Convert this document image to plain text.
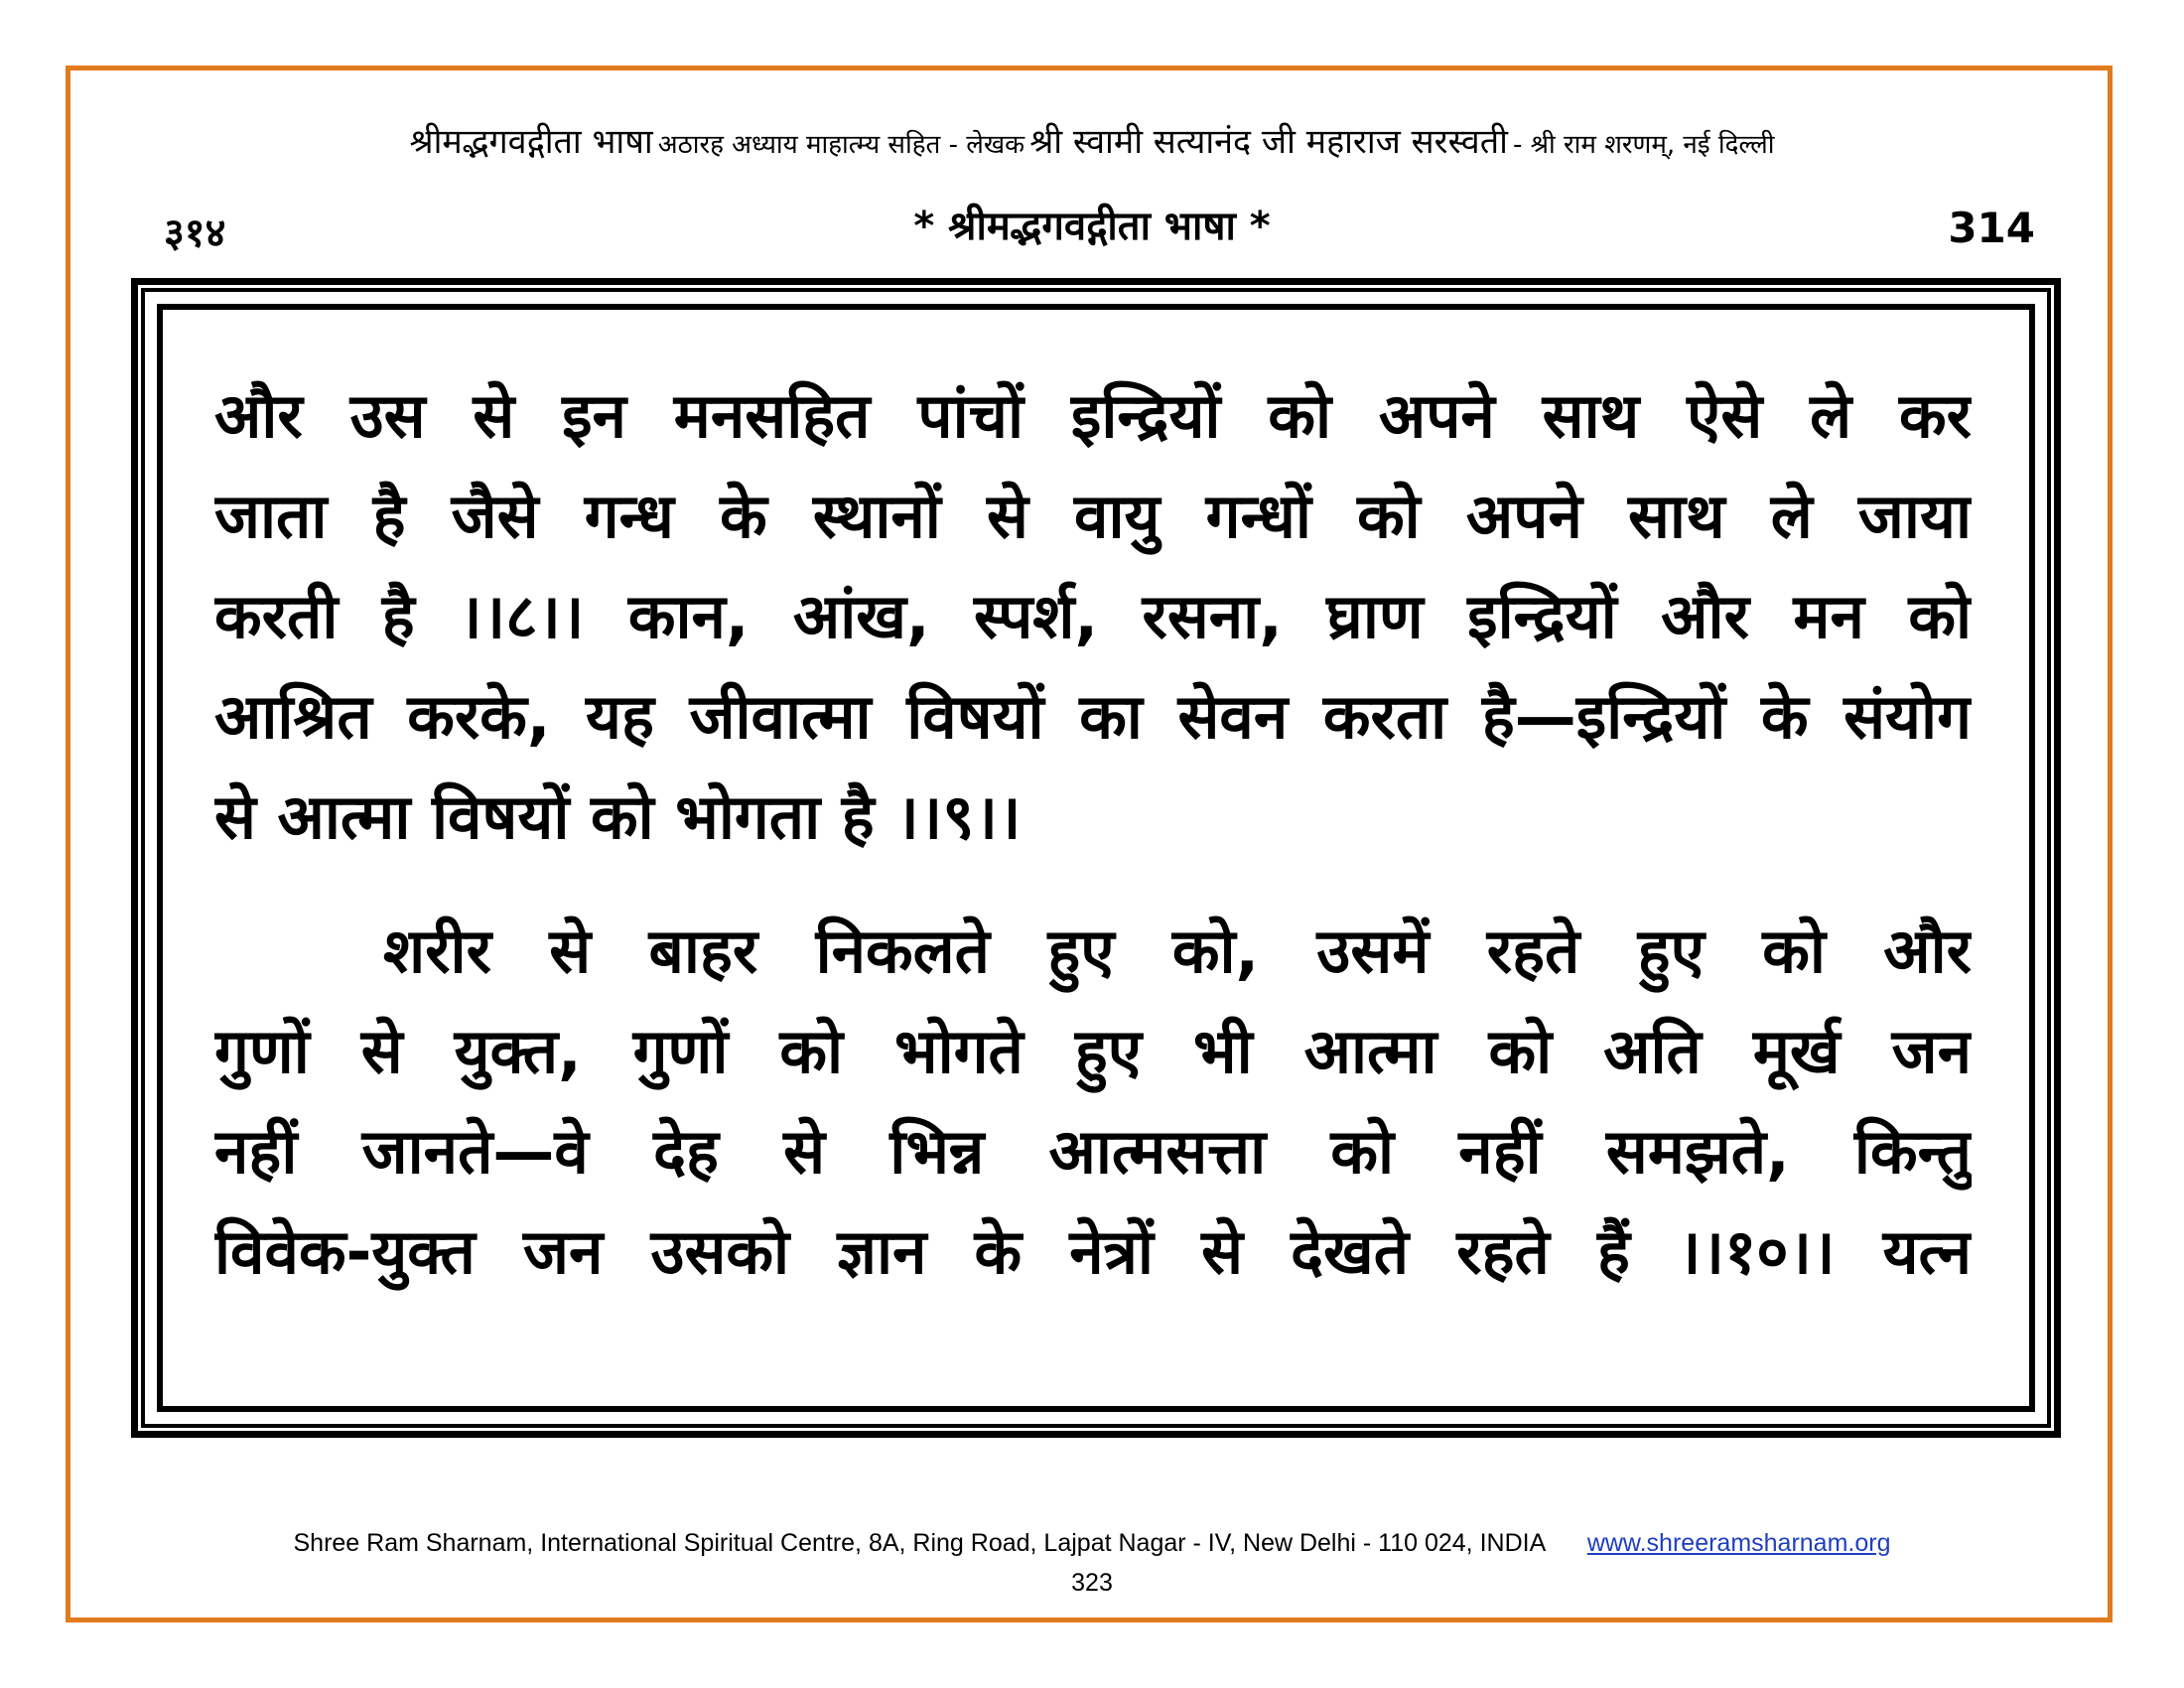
श्रीमद्भगवद्गीता भाषा अठारह अध्याय माहात्म्य सहित - लेखक श्री स्वामी सत्यानंद जी महाराज सरस्वती - श्री राम शरणम्, नई दिल्ली
३१४	* श्रीमद्भगवद्गीता भाषा *	314
और उस से इन मनसहित पांचों इन्द्रियों को अपने साथ ऐसे ले कर
जाता है जैसे गन्ध के स्थानों से वायु गन्धों को अपने साथ ले जाया
करती है ।।८।। कान, आंख, स्पर्श, रसना, घ्राण इन्द्रियों और मन को
आश्रित करके, यह जीवात्मा विषयों का सेवन करता है—इन्द्रियों के संयोग
से आत्मा विषयों को भोगता है ।।९।।
शरीर से बाहर निकलते हुए को, उसमें रहते हुए को और
गुणों से युक्त, गुणों को भोगते हुए भी आत्मा को अति मूर्ख जन
नहीं जानते—वे देह से भिन्न आत्मसत्ता को नहीं समझते, किन्तु
विवेक-युक्त जन उसको ज्ञान के नेत्रों से देखते रहते हैं ।।१०।। यत्न
Shree Ram Sharnam, International Spiritual Centre, 8A, Ring Road, Lajpat Nagar - IV, New Delhi - 110 024, INDIA www.shreeramsharnam.org
323
